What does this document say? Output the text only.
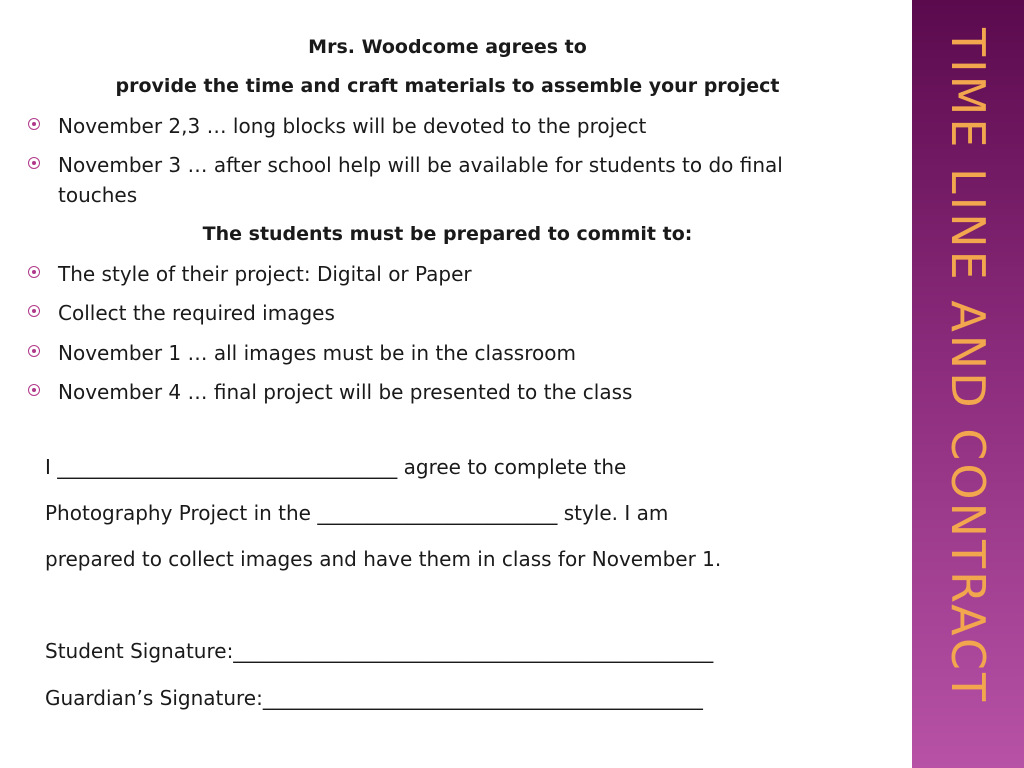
Mrs. Woodcome agrees to
provide the time and craft materials to assemble your project
November 2,3 … long blocks will be devoted to the project
November 3 … after school help will be available for students to do final touches
The students must be prepared to commit to:
The style of their project: Digital or Paper
Collect the required images
November 1 … all images must be in the classroom
November 4 … final project will be presented to the class
I __________________________________ agree to complete the
Photography Project in the ________________________ style. I am
prepared to collect images and have them in class for November 1.
Student Signature:________________________________________________
Guardian’s Signature:____________________________________________	TIME LINE AND CONTRACT
